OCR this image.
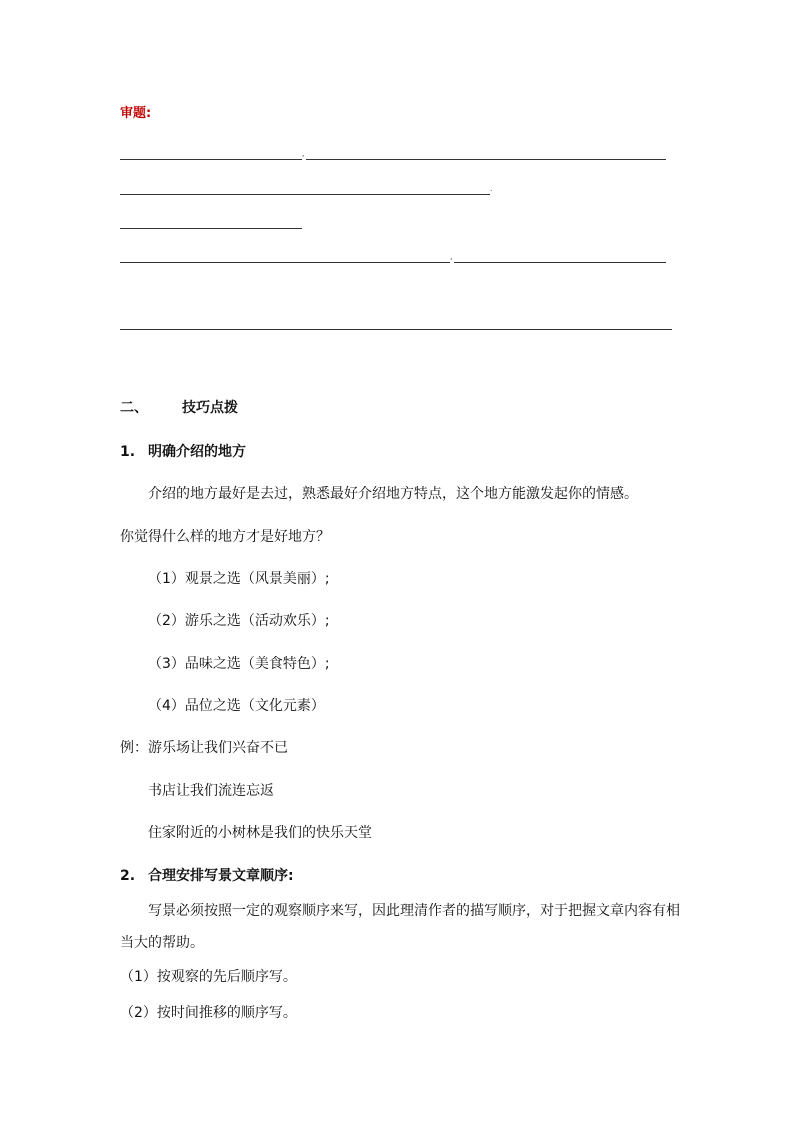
审题:
,
.
,
二、 技巧点拨
1. 明确介绍的地方
介绍的地方最好是去过，熟悉最好介绍地方特点，这个地方能激发起你的情感。
你觉得什么样的地方才是好地方？
（1）观景之选（风景美丽）;
（2）游乐之选（活动欢乐）;
（3）品味之选（美食特色）;
（4）品位之选（文化元素）
例：游乐场让我们兴奋不已
书店让我们流连忘返
住家附近的小树林是我们的快乐天堂
2. 合理安排写景文章顺序:
写景必须按照一定的观察顺序来写，因此理清作者的描写顺序，对于把握文章内容有相
当大的帮助。
（1）按观察的先后顺序写。
（2）按时间推移的顺序写。
